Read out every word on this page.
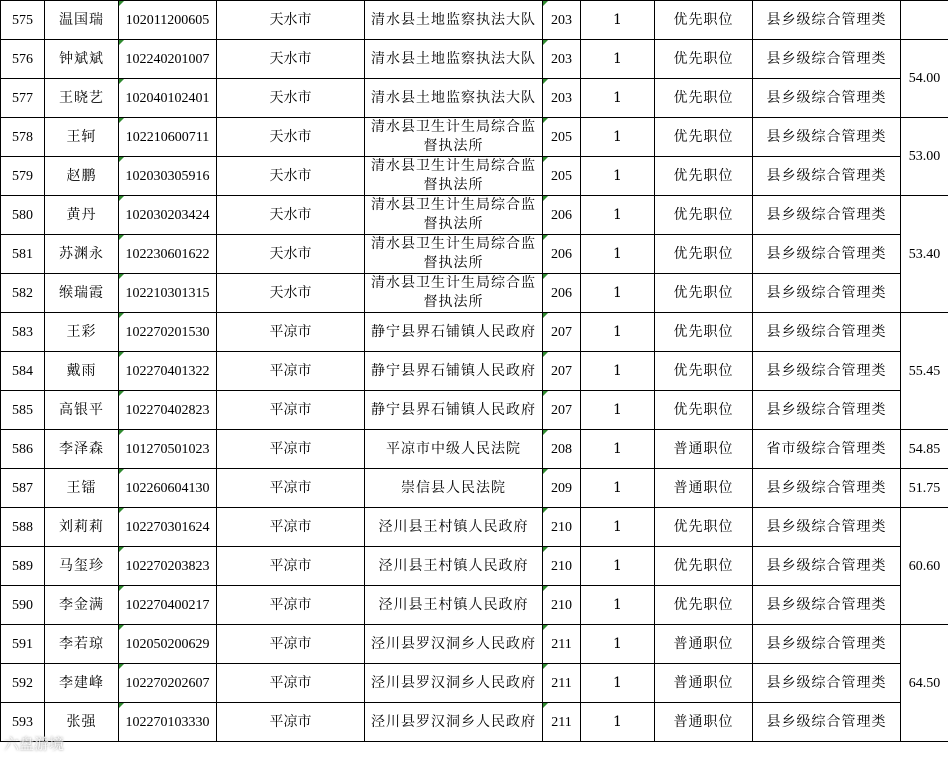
575	温国瑞	102011200605	天水市	清水县土地监察执法大队	203	1	优先职位	县乡级综合管理类	
576	钟斌斌	102240201007	天水市	清水县土地监察执法大队	203	1	优先职位	县乡级综合管理类	54.00
577	王晓艺	102040102401	天水市	清水县土地监察执法大队	203	1	优先职位	县乡级综合管理类	
578	王轲	102210600711	天水市	清水县卫生计生局综合监督执法所	205	1	优先职位	县乡级综合管理类	53.00
579	赵鹏	102030305916	天水市	清水县卫生计生局综合监督执法所	205	1	优先职位	县乡级综合管理类	
580	黄丹	102030203424	天水市	清水县卫生计生局综合监督执法所	206	1	优先职位	县乡级综合管理类	53.40
581	苏渊永	102230601622	天水市	清水县卫生计生局综合监督执法所	206	1	优先职位	县乡级综合管理类	
582	缑瑞霞	102210301315	天水市	清水县卫生计生局综合监督执法所	206	1	优先职位	县乡级综合管理类	
583	王彩	102270201530	平凉市	静宁县界石铺镇人民政府	207	1	优先职位	县乡级综合管理类	55.45
584	戴雨	102270401322	平凉市	静宁县界石铺镇人民政府	207	1	优先职位	县乡级综合管理类	
585	高银平	102270402823	平凉市	静宁县界石铺镇人民政府	207	1	优先职位	县乡级综合管理类	
586	李泽森	101270501023	平凉市	平凉市中级人民法院	208	1	普通职位	省市级综合管理类	54.85
587	王镭	102260604130	平凉市	崇信县人民法院	209	1	普通职位	县乡级综合管理类	51.75
588	刘莉莉	102270301624	平凉市	泾川县王村镇人民政府	210	1	优先职位	县乡级综合管理类	60.60
589	马玺珍	102270203823	平凉市	泾川县王村镇人民政府	210	1	优先职位	县乡级综合管理类	
590	李金满	102270400217	平凉市	泾川县王村镇人民政府	210	1	优先职位	县乡级综合管理类	
591	李若琼	102050200629	平凉市	泾川县罗汉洞乡人民政府	211	1	普通职位	县乡级综合管理类	64.50
592	李建峰	102270202607	平凉市	泾川县罗汉洞乡人民政府	211	1	普通职位	县乡级综合管理类	
593	张强	102270103330	平凉市	泾川县罗汉洞乡人民政府	211	1	普通职位	县乡级综合管理类	
六盘游境
